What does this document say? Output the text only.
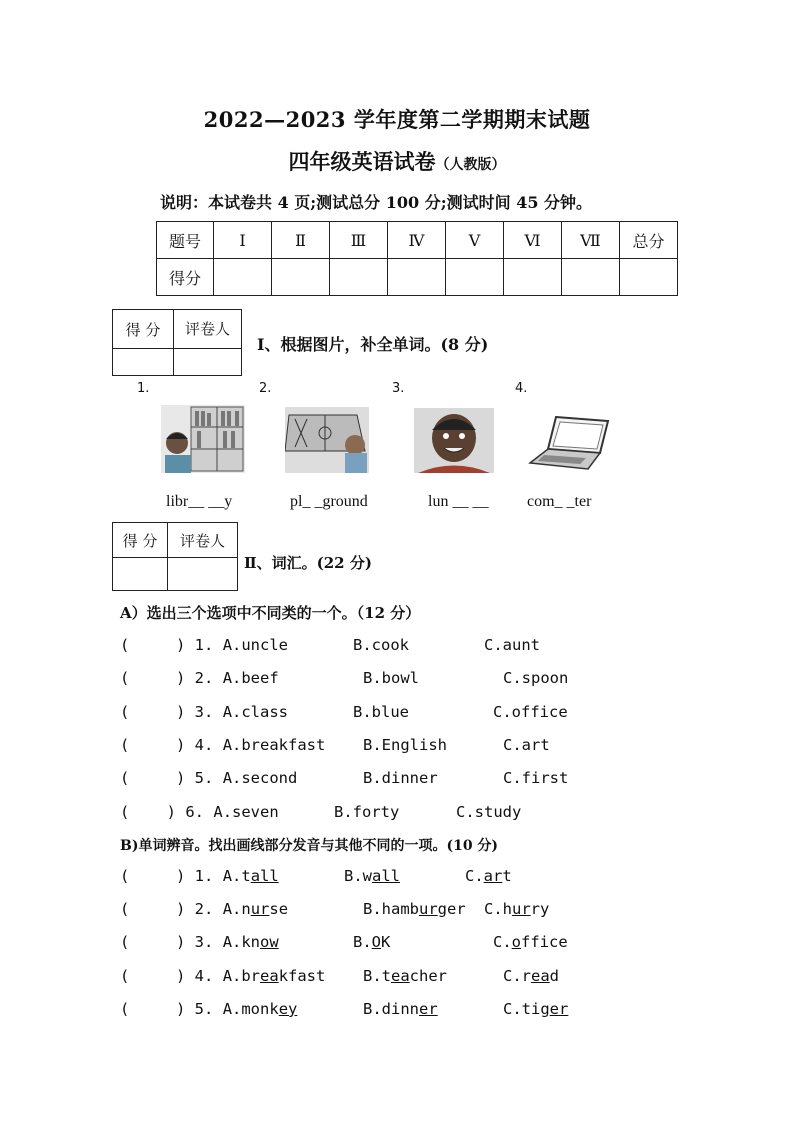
2022—2023 学年度第二学期期末试题
四年级英语试卷（人教版）
说明：本试卷共 4 页;测试总分 100 分;测试时间 45 分钟。
题号	Ⅰ	Ⅱ	Ⅲ	Ⅳ	Ⅴ	Ⅵ	Ⅶ	总分
得分								
得 分	评卷人

Ⅰ、根据图片，补全单词。(8 分)
1.	2.	3.	4.
libr__ __y	pl_ _ground	lun __ __ com_ _ter
得 分	评卷人

Ⅱ、词汇。(22 分)
A）选出三个选项中不同类的一个。（12 分）
(     ) 1. A.uncle	B.cook	C.aunt
(     ) 2. A.beef	B.bowl	C.spoon
(     ) 3. A.class	B.blue	C.office
(     ) 4. A.breakfast B.English	C.art
(     ) 5. A.second	B.dinner	C.first
(    ) 6. A.seven	B.forty	C.study
B)单词辨音。找出画线部分发音与其他不同的一项。(10 分)
(     ) 1. A.tall	B.wall	C.art
(     ) 2. A.nurse	B.hamburger C.hurry
(     ) 3. A.know	B.OK	C.office
(     ) 4. A.breakfast B.teacher	C.read
(     ) 5. A.monkey	B.dinner	C.tiger
